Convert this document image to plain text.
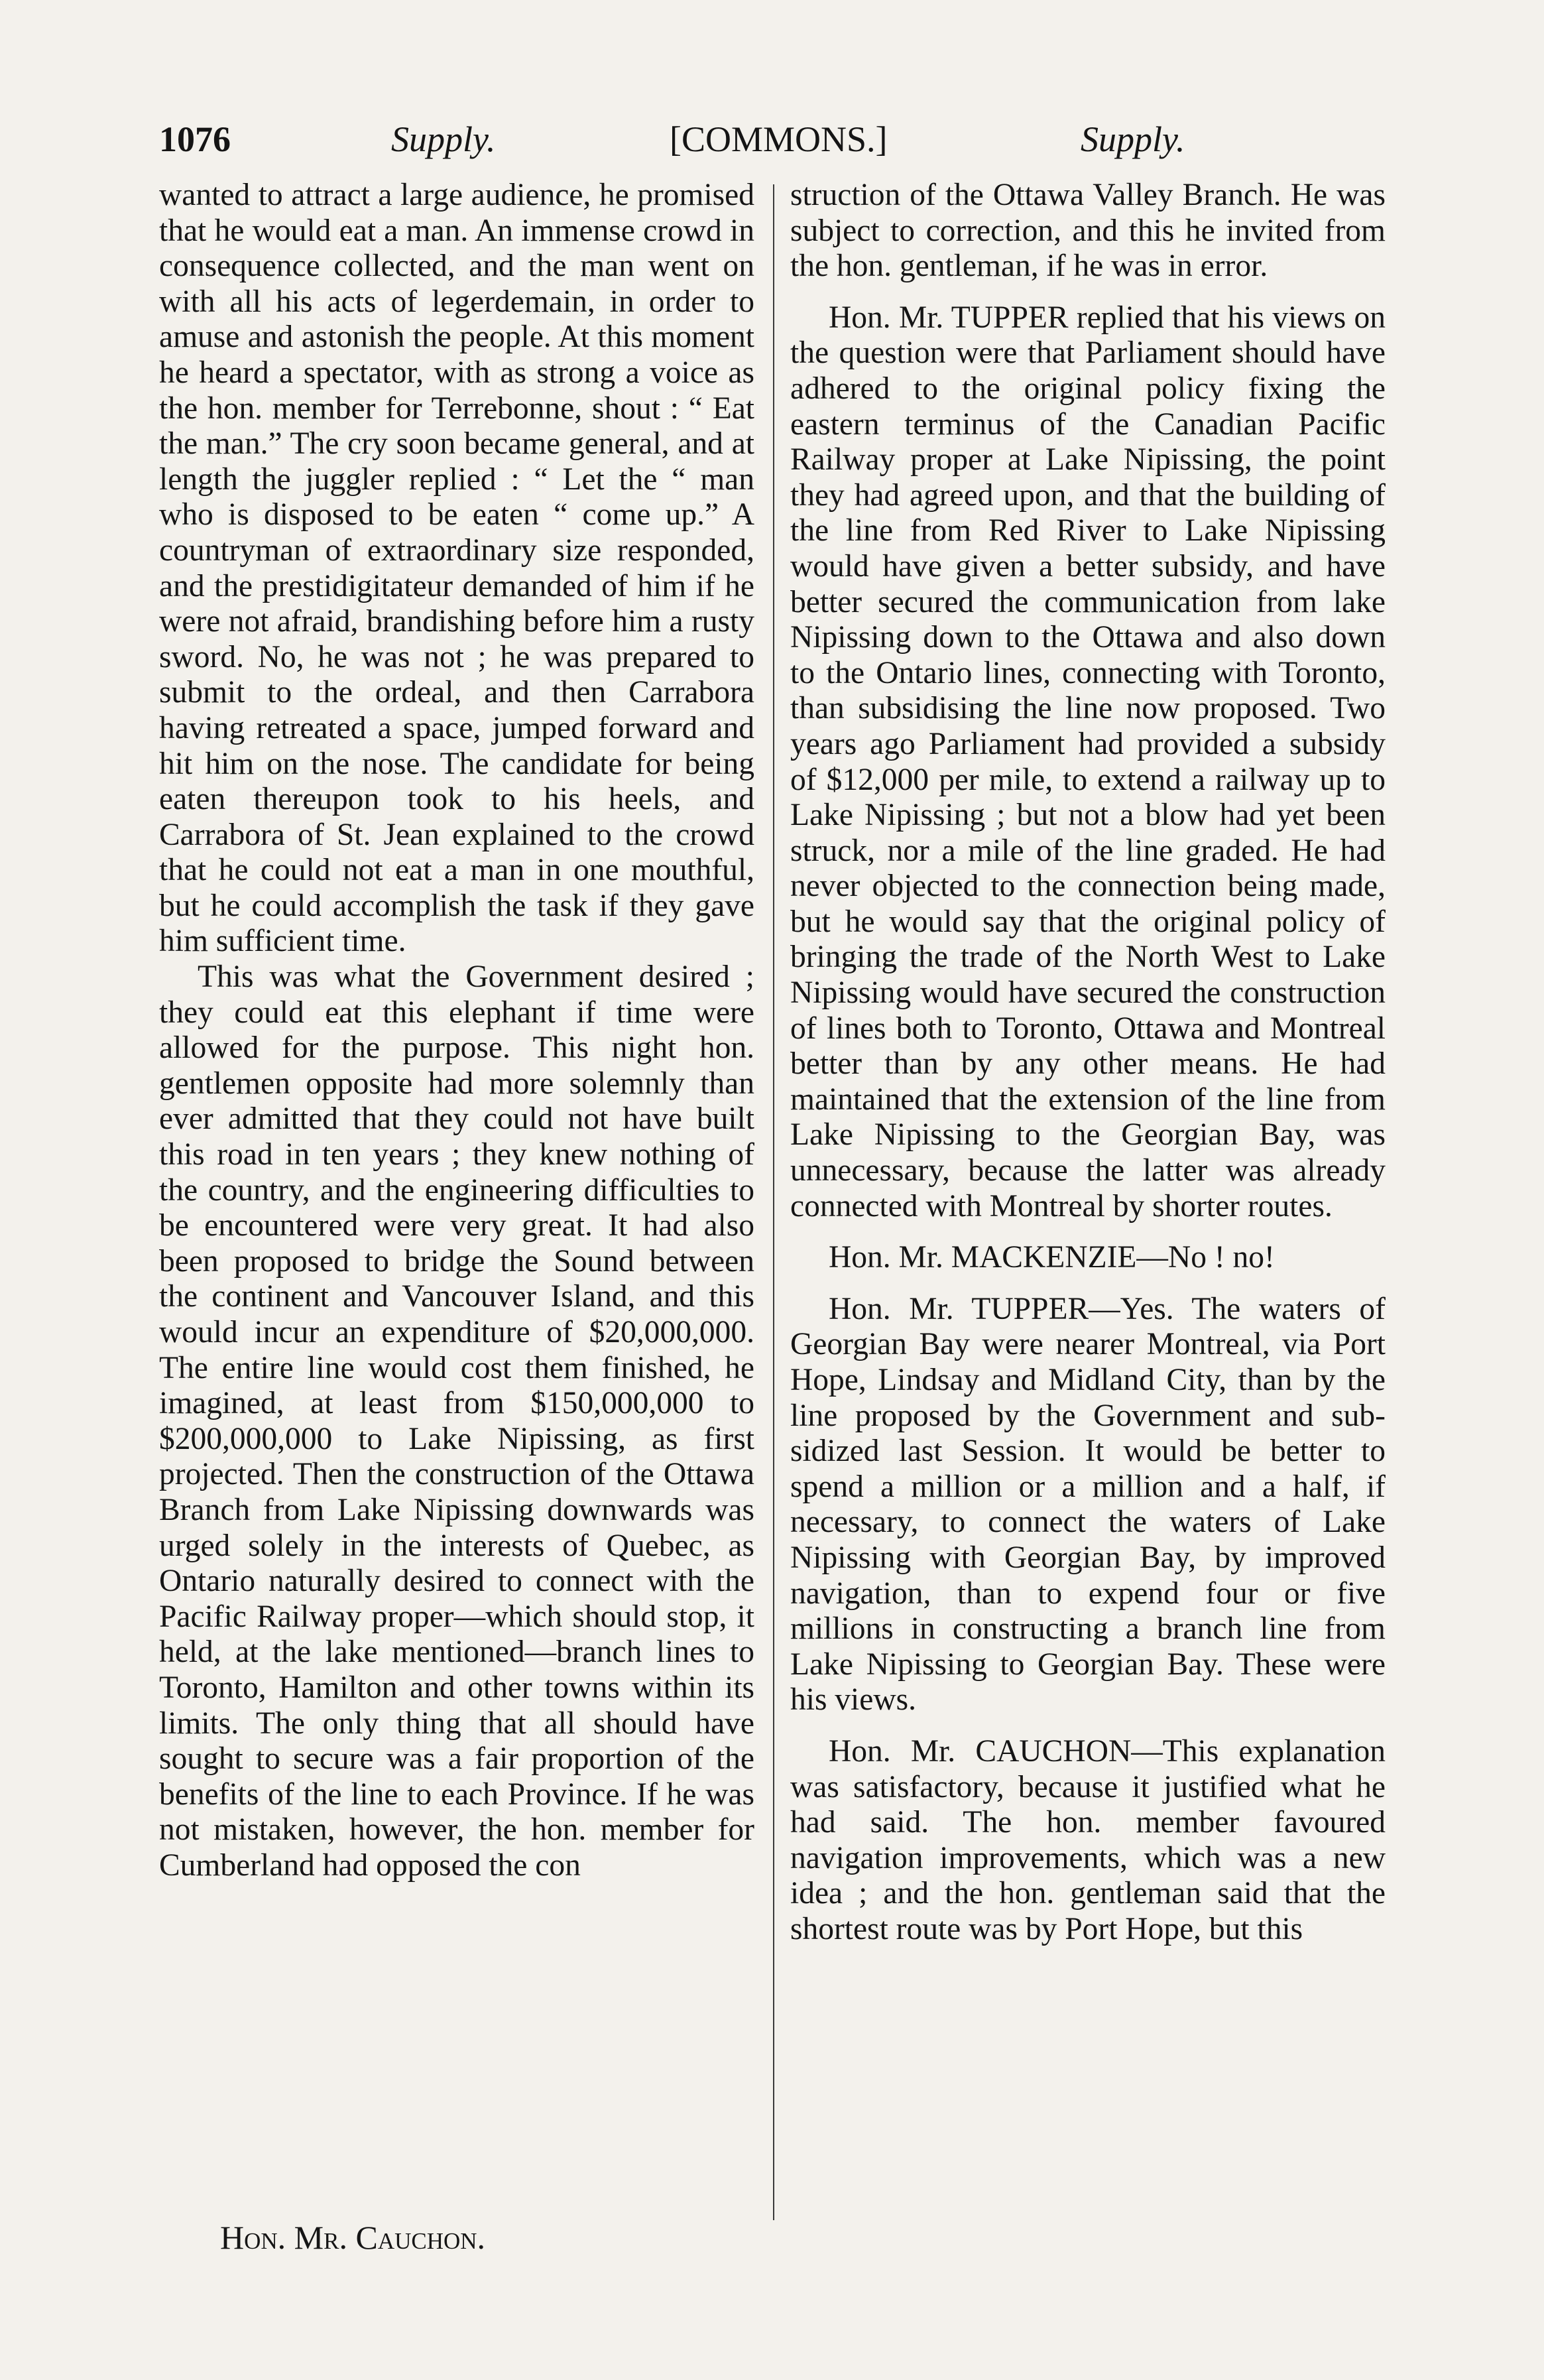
1076	Supply.	[COMMONS.]	Supply.

wanted to attract a large audience, he promised that he would eat a man. An immense crowd in consequence collected, and the man went on with all his acts of legerdemain, in order to amuse and astonish the people. At this moment he heard a spectator, with as strong a voice as the hon. member for Terrebonne, shout : “ Eat the man.” The cry soon became general, and at length the juggler replied : “ Let the “ man who is disposed to be eaten “ come up.” A countryman of extraordinary size responded, and the prestidigitateur demanded of him if he were not afraid, brandishing before him a rusty sword. No, he was not ; he was prepared to submit to the ordeal, and then Carrabora having retreated a space, jumped forward and hit him on the nose. The candidate for being eaten thereupon took to his heels, and Carrabora of St. Jean explained to the crowd that he could not eat a man in one mouthful, but he could accomplish the task if they gave him sufficient time.

This was what the Government desired ; they could eat this elephant if time were allowed for the purpose. This night hon. gentlemen opposite had more solemnly than ever admitted that they could not have built this road in ten years ; they knew nothing of the country, and the engineering difficulties to be encountered were very great. It had also been proposed to bridge the Sound between the continent and Vancouver Island, and this would incur an expenditure of $20,000,000. The entire line would cost them finished, he imagined, at least from $150,000,000 to $200,000,000 to Lake Nipissing, as first projected. Then the construction of the Ottawa Branch from Lake Nipissing downwards was urged solely in the interests of Quebec, as Ontario naturally desired to connect with the Pacific Railway proper—which should stop, it held, at the lake mentioned—branch lines to Toronto, Hamilton and other towns within its limits. The only thing that all should have sought to secure was a fair proportion of the benefits of the line to each Province. If he was not mistaken, however, the hon. member for Cumberland had opposed the con

struction of the Ottawa Valley Branch. He was subject to correction, and this he invited from the hon. gentleman, if he was in error.

Hon. Mr. TUPPER replied that his views on the question were that Parliament should have adhered to the original policy fixing the eastern terminus of the Canadian Pacific Railway proper at Lake Nipissing, the point they had agreed upon, and that the building of the line from Red River to Lake Nipissing would have given a better subsidy, and have better secured the communication from lake Nipissing down to the Ottawa and also down to the Ontario lines, connecting with Toronto, than subsidising the line now proposed. Two years ago Parliament had provided a subsidy of $12,000 per mile, to extend a railway up to Lake Nipissing ; but not a blow had yet been struck, nor a mile of the line graded. He had never objected to the connection being made, but he would say that the original policy of bringing the trade of the North West to Lake Nipissing would have secured the construction of lines both to Toronto, Ottawa and Montreal better than by any other means. He had maintained that the extension of the line from Lake Nipissing to the Georgian Bay, was unnecessary, because the latter was already connected with Montreal by shorter routes.

Hon. Mr. MACKENZIE—No ! no!

Hon. Mr. TUPPER—Yes. The waters of Georgian Bay were nearer Montreal, via Port Hope, Lindsay and Midland City, than by the line proposed by the Government and subsidized last Session. It would be better to spend a million or a million and a half, if necessary, to connect the waters of Lake Nipissing with Georgian Bay, by improved navigation, than to expend four or five millions in constructing a branch line from Lake Nipissing to Georgian Bay. These were his views.

Hon. Mr. CAUCHON—This explanation was satisfactory, because it justified what he had said. The hon. member favoured navigation improvements, which was a new idea ; and the hon. gentleman said that the shortest route was by Port Hope, but this

Hon. Mr. Cauchon.
